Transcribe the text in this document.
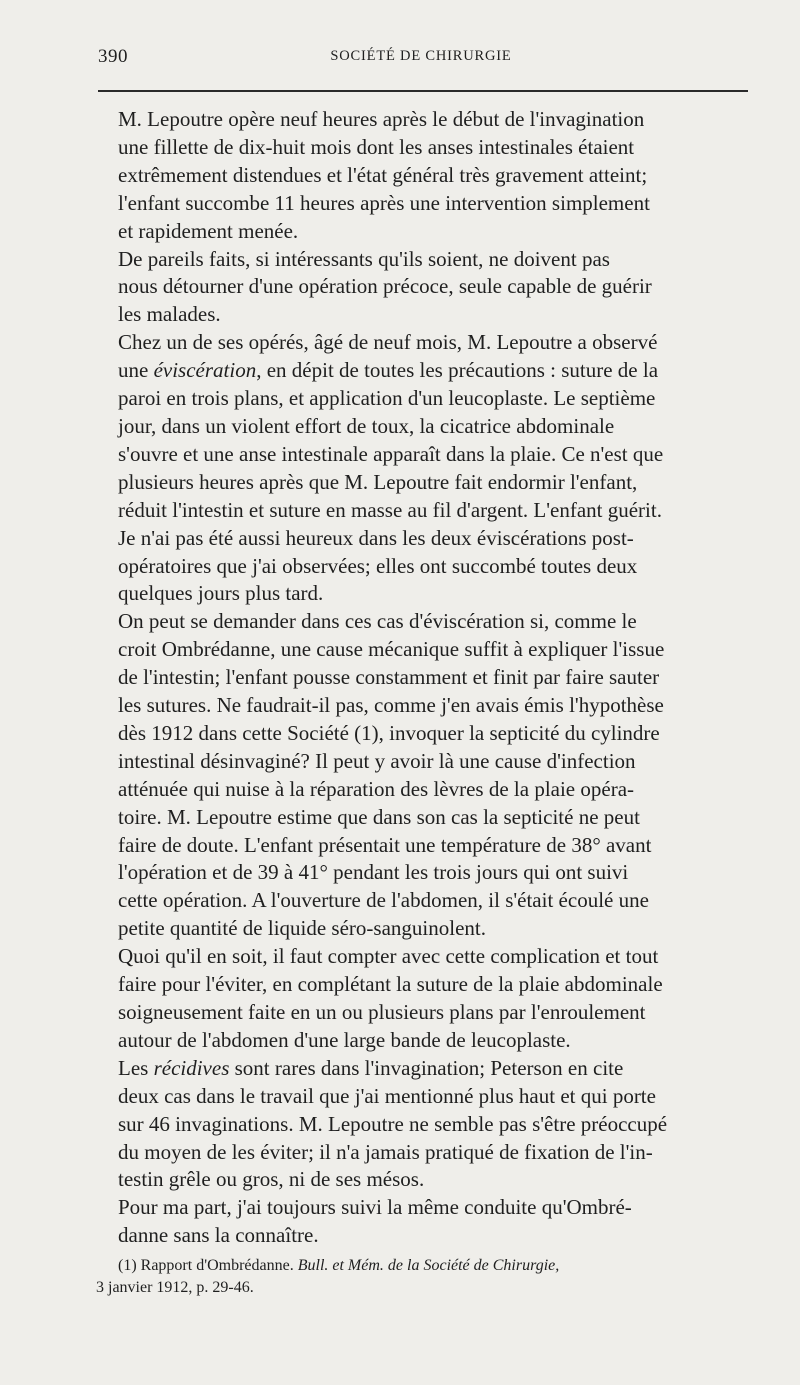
390	SOCIÉTÉ DE CHIRURGIE

M. Lepoutre opère neuf heures après le début de l'invagination
une fillette de dix-huit mois dont les anses intestinales étaient
extrêmement distendues et l'état général très gravement atteint;
l'enfant succombe 11 heures après une intervention simplement
et rapidement menée.

De pareils faits, si intéressants qu'ils soient, ne doivent pas
nous détourner d'une opération précoce, seule capable de guérir
les malades.

Chez un de ses opérés, âgé de neuf mois, M. Lepoutre a observé
une éviscération, en dépit de toutes les précautions : suture de la
paroi en trois plans, et application d'un leucoplaste. Le septième
jour, dans un violent effort de toux, la cicatrice abdominale
s'ouvre et une anse intestinale apparaît dans la plaie. Ce n'est que
plusieurs heures après que M. Lepoutre fait endormir l'enfant,
réduit l'intestin et suture en masse au fil d'argent. L'enfant guérit.

Je n'ai pas été aussi heureux dans les deux éviscérations post-
opératoires que j'ai observées; elles ont succombé toutes deux
quelques jours plus tard.

On peut se demander dans ces cas d'éviscération si, comme le
croit Ombrédanne, une cause mécanique suffit à expliquer l'issue
de l'intestin; l'enfant pousse constamment et finit par faire sauter
les sutures. Ne faudrait-il pas, comme j'en avais émis l'hypothèse
dès 1912 dans cette Société (1), invoquer la septicité du cylindre
intestinal désinvaginé? Il peut y avoir là une cause d'infection
atténuée qui nuise à la réparation des lèvres de la plaie opéra-
toire. M. Lepoutre estime que dans son cas la septicité ne peut
faire de doute. L'enfant présentait une température de 38° avant
l'opération et de 39 à 41° pendant les trois jours qui ont suivi
cette opération. A l'ouverture de l'abdomen, il s'était écoulé une
petite quantité de liquide séro-sanguinolent.

Quoi qu'il en soit, il faut compter avec cette complication et tout
faire pour l'éviter, en complétant la suture de la plaie abdominale
soigneusement faite en un ou plusieurs plans par l'enroulement
autour de l'abdomen d'une large bande de leucoplaste.

Les récidives sont rares dans l'invagination; Peterson en cite
deux cas dans le travail que j'ai mentionné plus haut et qui porte
sur 46 invaginations. M. Lepoutre ne semble pas s'être préoccupé
du moyen de les éviter; il n'a jamais pratiqué de fixation de l'in-
testin grêle ou gros, ni de ses mésos.

Pour ma part, j'ai toujours suivi la même conduite qu'Ombré-
danne sans la connaître.

(1) Rapport d'Ombrédanne. Bull. et Mém. de la Société de Chirurgie,
3 janvier 1912, p. 29-46.
